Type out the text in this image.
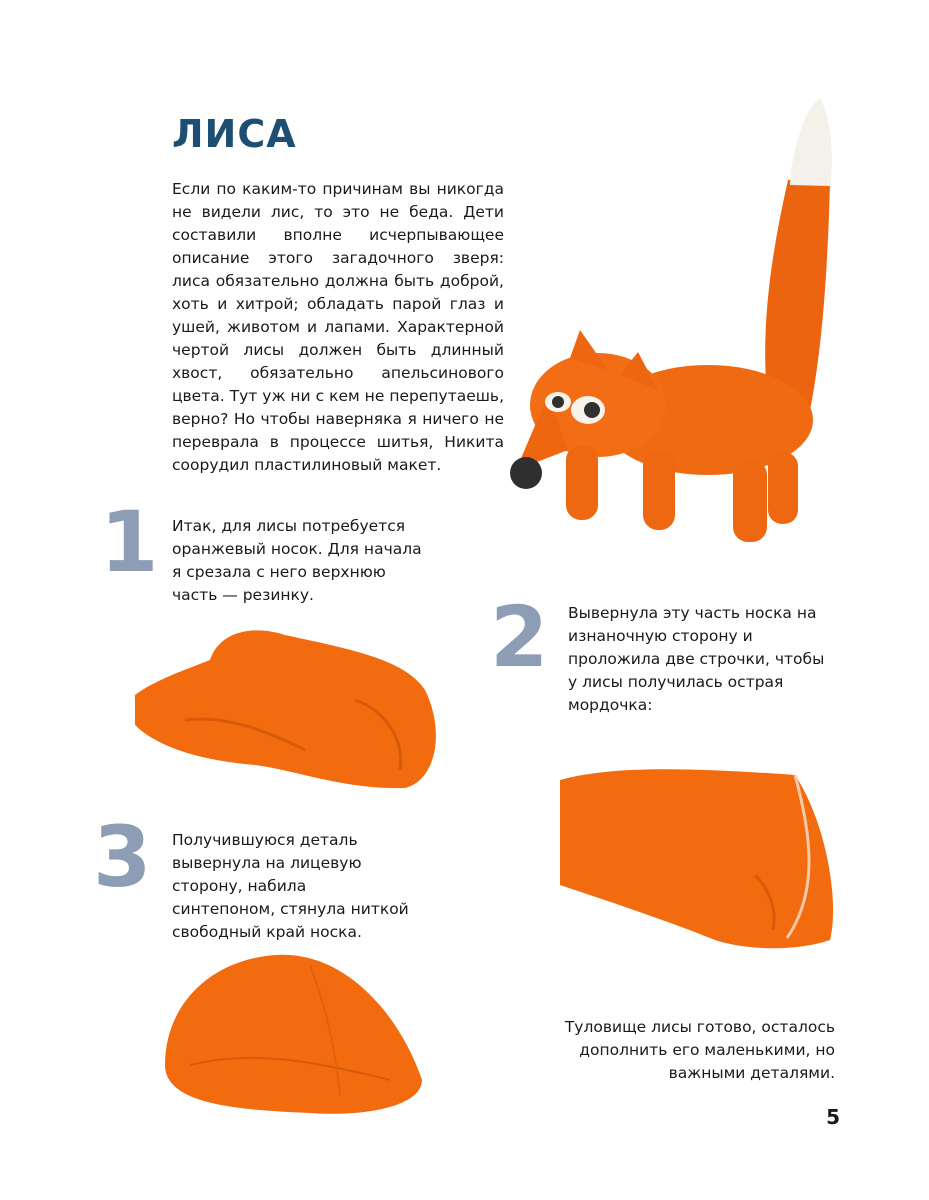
ЛИСА

Если по каким-то причинам вы никогда не видели лис, то это не беда. Дети составили вполне исчерпывающее описание этого загадочного зверя: лиса обязательно должна быть доброй, хоть и хитрой; обладать парой глаз и ушей, животом и лапами. Характерной чертой лисы должен быть длинный хвост, обязательно апельсинового цвета. Тут уж ни с кем не перепутаешь, верно? Но чтобы наверняка я ничего не переврала в процессе шитья, Никита соорудил пластилиновый макет.

1 Итак, для лисы потребуется оранжевый носок. Для начала я срезала с него верхнюю часть — резинку.	2 Вывернула эту часть носка на изнаночную сторону и проложила две строчки, чтобы у лисы получилась острая мордочка:

3 Получившуюся деталь вывернула на лицевую сторону, набила синтепоном, стянула ниткой свободный край носка.

Туловище лисы готово, осталось дополнить его маленькими, но важными деталями.

5
